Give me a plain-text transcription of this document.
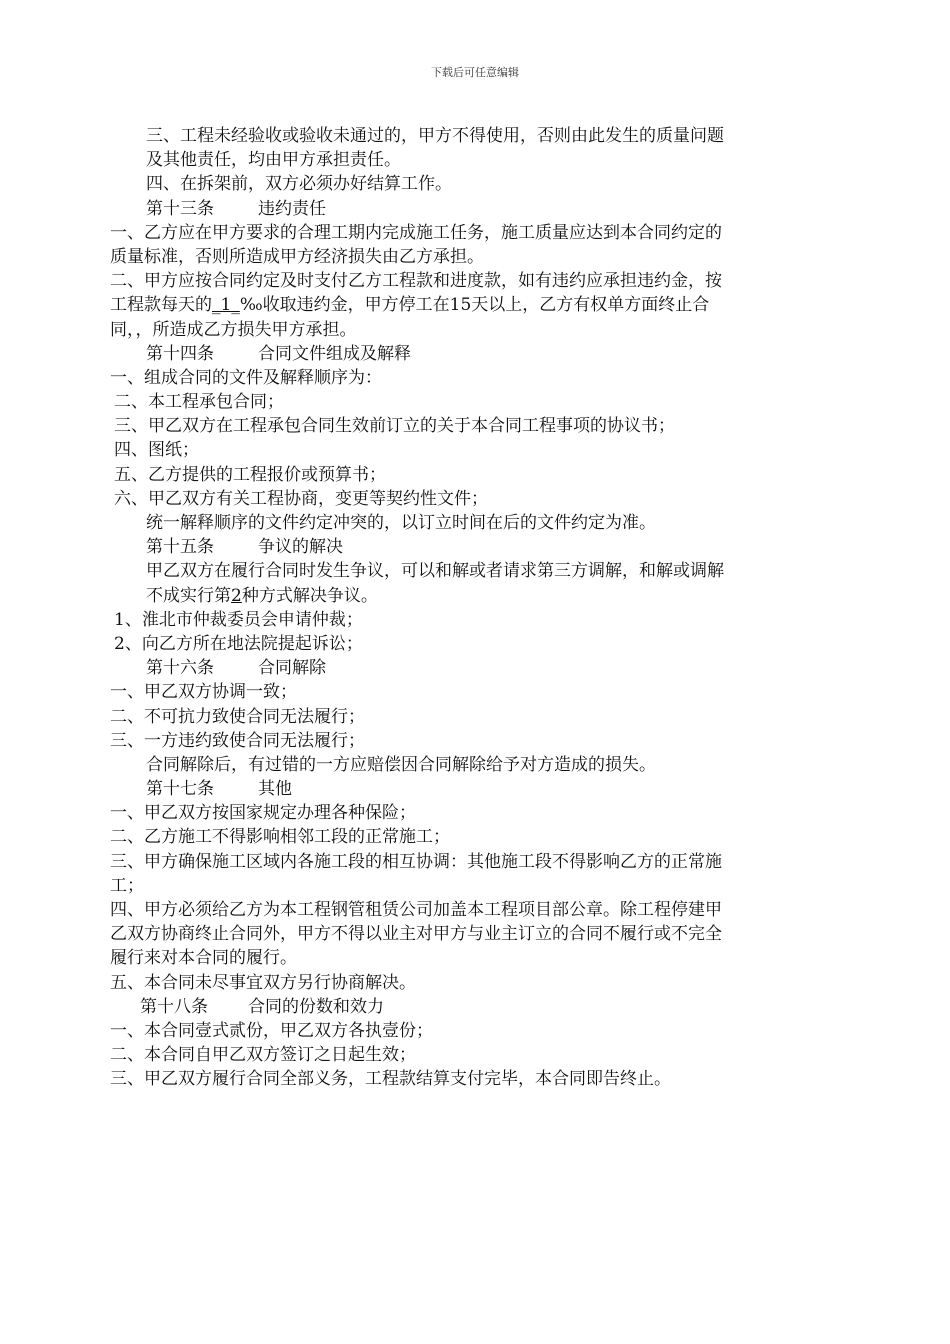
下载后可任意编辑
三、工程未经验收或验收未通过的，甲方不得使用，否则由此发生的质量问题
及其他责任，均由甲方承担责任。
四、在拆架前，双方必须办好结算工作。
第十三条	违约责任
一、乙方应在甲方要求的合理工期内完成施工任务，施工质量应达到本合同约定的
质量标准，否则所造成甲方经济损失由乙方承担。
二、甲方应按合同约定及时支付乙方工程款和进度款，如有违约应承担违约金，按
工程款每天的_1_‰收取违约金，甲方停工在15天以上，乙方有权单方面终止合
同，，所造成乙方损失甲方承担。
第十四条	合同文件组成及解释
一、组成合同的文件及解释顺序为：
二、本工程承包合同；
三、甲乙双方在工程承包合同生效前订立的关于本合同工程事项的协议书；
四、图纸；
五、乙方提供的工程报价或预算书；
六、甲乙双方有关工程协商，变更等契约性文件；
统一解释顺序的文件约定冲突的，以订立时间在后的文件约定为准。
第十五条	争议的解决
甲乙双方在履行合同时发生争议，可以和解或者请求第三方调解，和解或调解
不成实行第2种方式解决争议。
1、淮北市仲裁委员会申请仲裁；
2、向乙方所在地法院提起诉讼；
第十六条	合同解除
一、甲乙双方协调一致；
二、不可抗力致使合同无法履行；
三、一方违约致使合同无法履行；
合同解除后，有过错的一方应赔偿因合同解除给予对方造成的损失。
第十七条	其他
一、甲乙双方按国家规定办理各种保险；
二、乙方施工不得影响相邻工段的正常施工；
三、甲方确保施工区域内各施工段的相互协调：其他施工段不得影响乙方的正常施
工；
四、甲方必须给乙方为本工程钢管租赁公司加盖本工程项目部公章。除工程停建甲
乙双方协商终止合同外，甲方不得以业主对甲方与业主订立的合同不履行或不完全
履行来对本合同的履行。
五、本合同未尽事宜双方另行协商解决。
第十八条 合同的份数和效力
一、本合同壹式贰份，甲乙双方各执壹份；
二、本合同自甲乙双方签订之日起生效；
三、甲乙双方履行合同全部义务，工程款结算支付完毕，本合同即告终止。
